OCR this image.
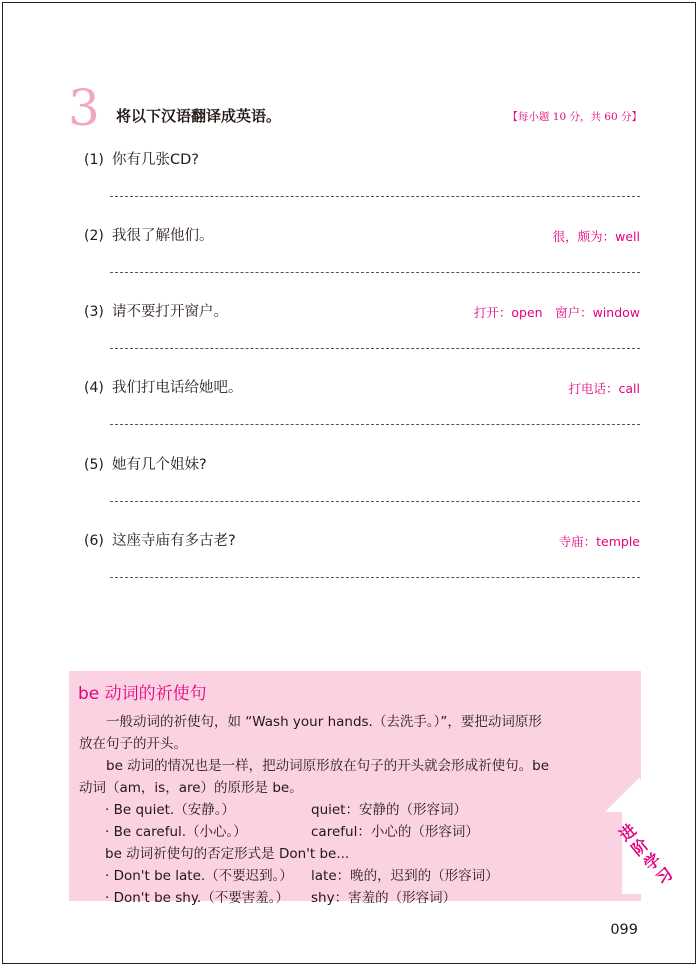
3 将以下汉语翻译成英语。	【每小题 10 分，共 60 分】
(1) 你有几张CD?
(2) 我很了解他们。	很，颇为：well
(3) 请不要打开窗户。	打开：open　窗户：window
(4) 我们打电话给她吧。	打电话：call
(5) 她有几个姐妹?
(6) 这座寺庙有多古老?	寺庙：temple
be 动词的祈使句

一般动词的祈使句，如 “Wash your hands.（去洗手。）”，要把动词原形

放在句子的开头。

be 动词的情况也是一样，把动词原形放在句子的开头就会形成祈使句。be

动词（am，is，are）的原形是 be。

· Be quiet.（安静。）	quiet：安静的（形容词）
· Be careful.（小心。）	careful：小心的（形容词）

be 动词祈使句的否定形式是 Don't be...

· Don't be late.（不要迟到。） late：晚的，迟到的（形容词）
· Don't be shy.（不要害羞。） shy：害羞的（形容词）
进阶学习
099
